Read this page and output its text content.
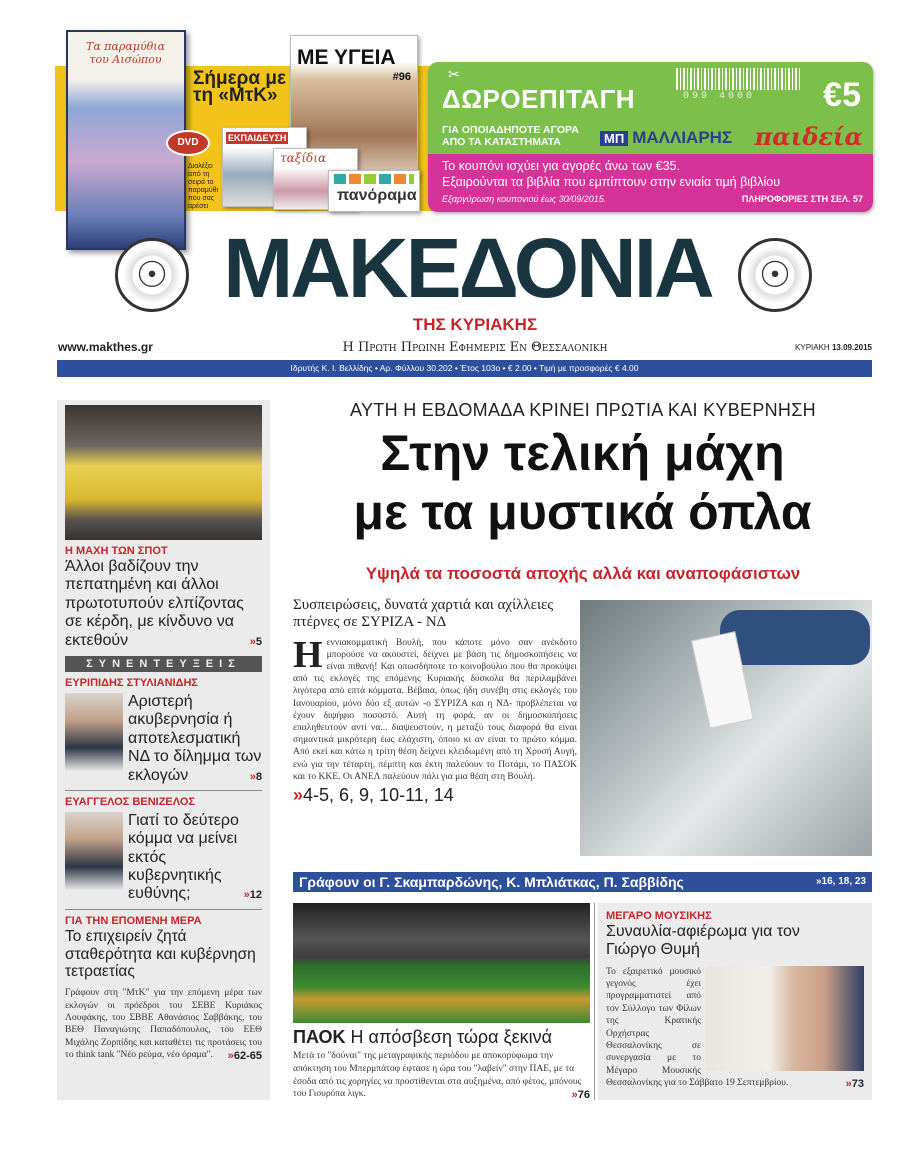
Τα παραμύθια του Αισώπου
Σήμερα με τη «ΜτΚ»
DVD
Διαλέξει από τη σειρά το παραμύθι που σας αρέσει
ΜΕ ΥΓΕΙΑ
#96
ΕΚΠΑΙΔΕΥΣΗ
ταξίδια
πανόραμα
✂
ΔΩΡΟΕΠΙΤΑΓΗ	099 4000 €5
ΓΙΑ ΟΠΟΙΑΔΗΠΟΤΕ ΑΓΟΡΑ
ΑΠΟ ΤΑ ΚΑΤΑΣΤΗΜΑΤΑ	ΜΠ ΜΑΛΛΙΑΡΗΣ παιδεία
Το κουπόνι ισχύει για αγορές άνω των €35.
Εξαιρούνται τα βιβλία που εμπίπτουν στην ενιαία τιμή βιβλίου
Εξαργύρωση κουπονιού έως 30/09/2015.	ΠΛΗΡΟΦΟΡΙΕΣ ΣΤΗ ΣΕΛ. 57
☉	☉
ΜΑΚΕΔΟΝΙΑ
ΤΗΣ ΚΥΡΙΑΚΗΣ
www.makthes.gr	Η Πρωτη Πρωινη Εφημερις Εν Θεσσαλονικη	ΚΥΡΙΑΚΗ 13.09.2015
Ιδρυτής Κ. Ι. Βελλίδης • Αρ. Φύλλου 30.202 • Έτος 103ο • € 2.00 • Τιμή με προσφορές € 4.00
Η ΜΑΧΗ ΤΩΝ ΣΠΟΤ
Άλλοι βαδίζουν την πεπατημένη και άλλοι πρωτοτυπούν ελπίζοντας σε κέρδη, με κίνδυνο να εκτεθούν	»5
ΣΥΝΕΝΤΕΥΞΕΙΣ
ΕΥΡΙΠΙΔΗΣ ΣΤΥΛΙΑΝΙΔΗΣ
Αριστερή ακυβερνησία ή αποτελεσματική ΝΔ το δίλημμα των εκλογών	»8
ΕΥΑΓΓΕΛΟΣ ΒΕΝΙΖΕΛΟΣ
Γιατί το δεύτερο κόμμα να μείνει εκτός κυβερνητικής ευθύνης;	»12
ΓΙΑ ΤΗΝ ΕΠΟΜΕΝΗ ΜΕΡΑ
Το επιχειρείν ζητά σταθερότητα και κυβέρνηση τετραετίας
Γράφουν στη "ΜτΚ" για την επόμενη μέρα των εκλογών οι πρόεδροι του ΣΕΒΕ Κυριάκος Λουφάκης, του ΣΒΒΕ Αθανάσιος Σαββάκης, του ΒΕΘ Παναγιώτης Παπαδόπουλος, του ΕΕΘ Μιχάλης Ζορπίδης και καταθέτει τις προτάσεις του το think tank "Νέο ρεύμα, νέο όραμα". »62-65
ΑΥΤΗ Η ΕΒΔΟΜΑΔΑ ΚΡΙΝΕΙ ΠΡΩΤΙΑ ΚΑΙ ΚΥΒΕΡΝΗΣΗ
Στην τελική μάχη
με τα μυστικά όπλα
Υψηλά τα ποσοστά αποχής αλλά και αναποφάσιστων
Συσπειρώσεις, δυνατά χαρτιά και αχίλλειες πτέρνες σε ΣΥΡΙΖΑ - ΝΔ
Ηεννιακομματική Βουλή, που κάποτε μόνο σαν ανέκδοτο μπορούσε να ακουστεί, δείχνει με βάση τις δημοσκοπήσεις να είναι πιθανή! Και οπωσδήποτε το κοινοβούλιο που θα προκύψει από τις εκλογές της επόμενης Κυριακής δύσκολα θα περιλαμβάνει λιγότερα από επτά κόμματα. Βέβαια, όπως ήδη συνέβη στις εκλογές του Ιανουαρίου, μόνο δύο εξ αυτών -ο ΣΥΡΙΖΑ και η ΝΔ- προβλέπεται να έχουν διψήφιο ποσοστό. Αυτή τη φορά, αν οι δημοσκοπήσεις επαληθευτούν αντί να... διαψευστούν, η μεταξύ τους διαφορά θα είναι σημαντικά μικρότερη έως ελάχιστη, όποιο κι αν είναι το πρώτο κόμμα. Από εκεί και κάτω η τρίτη θέση δείχνει κλειδωμένη από τη Χρυσή Αυγή, ενώ για την τέταρτη, πέμπτη και έκτη παλεύουν το Ποτάμι, το ΠΑΣΟΚ και το ΚΚΕ. Οι ΑΝΕΛ παλεύουν πάλι για μια θέση στη Βουλή.
»4-5, 6, 9, 10-11, 14
Γράφουν οι Γ. Σκαμπαρδώνης, Κ. Μπλιάτκας, Π. Σαββίδης	»16, 18, 23
ΠΑΟΚ Η απόσβεση τώρα ξεκινά
Μετά το "δούναι" της μεταγραφικής περιόδου με αποκορύφωμα την απόκτηση του Μπερμπάτοφ έφτασε η ώρα του "λαβείν" στην ΠΑΕ, με τα έσοδα από τις χορηγίες να προστίθενται στα αυξημένα, από φέτος, μπόνους του Γιουρόπα λιγκ.	»76
ΜΕΓΑΡΟ ΜΟΥΣΙΚΗΣ
Συναυλία-αφιέρωμα για τον Γιώργο Θυμή
Το εξαιρετικό μουσικό γεγονός έχει προγραμματιστεί από τον Σύλλογο των Φίλων της Κρατικής Ορχήστρας Θεσσαλονίκης σε συνεργασία με το Μέγαρο Μουσικής Θεσσαλονίκης για το Σάββατο 19 Σεπτεμβρίου.	»73
